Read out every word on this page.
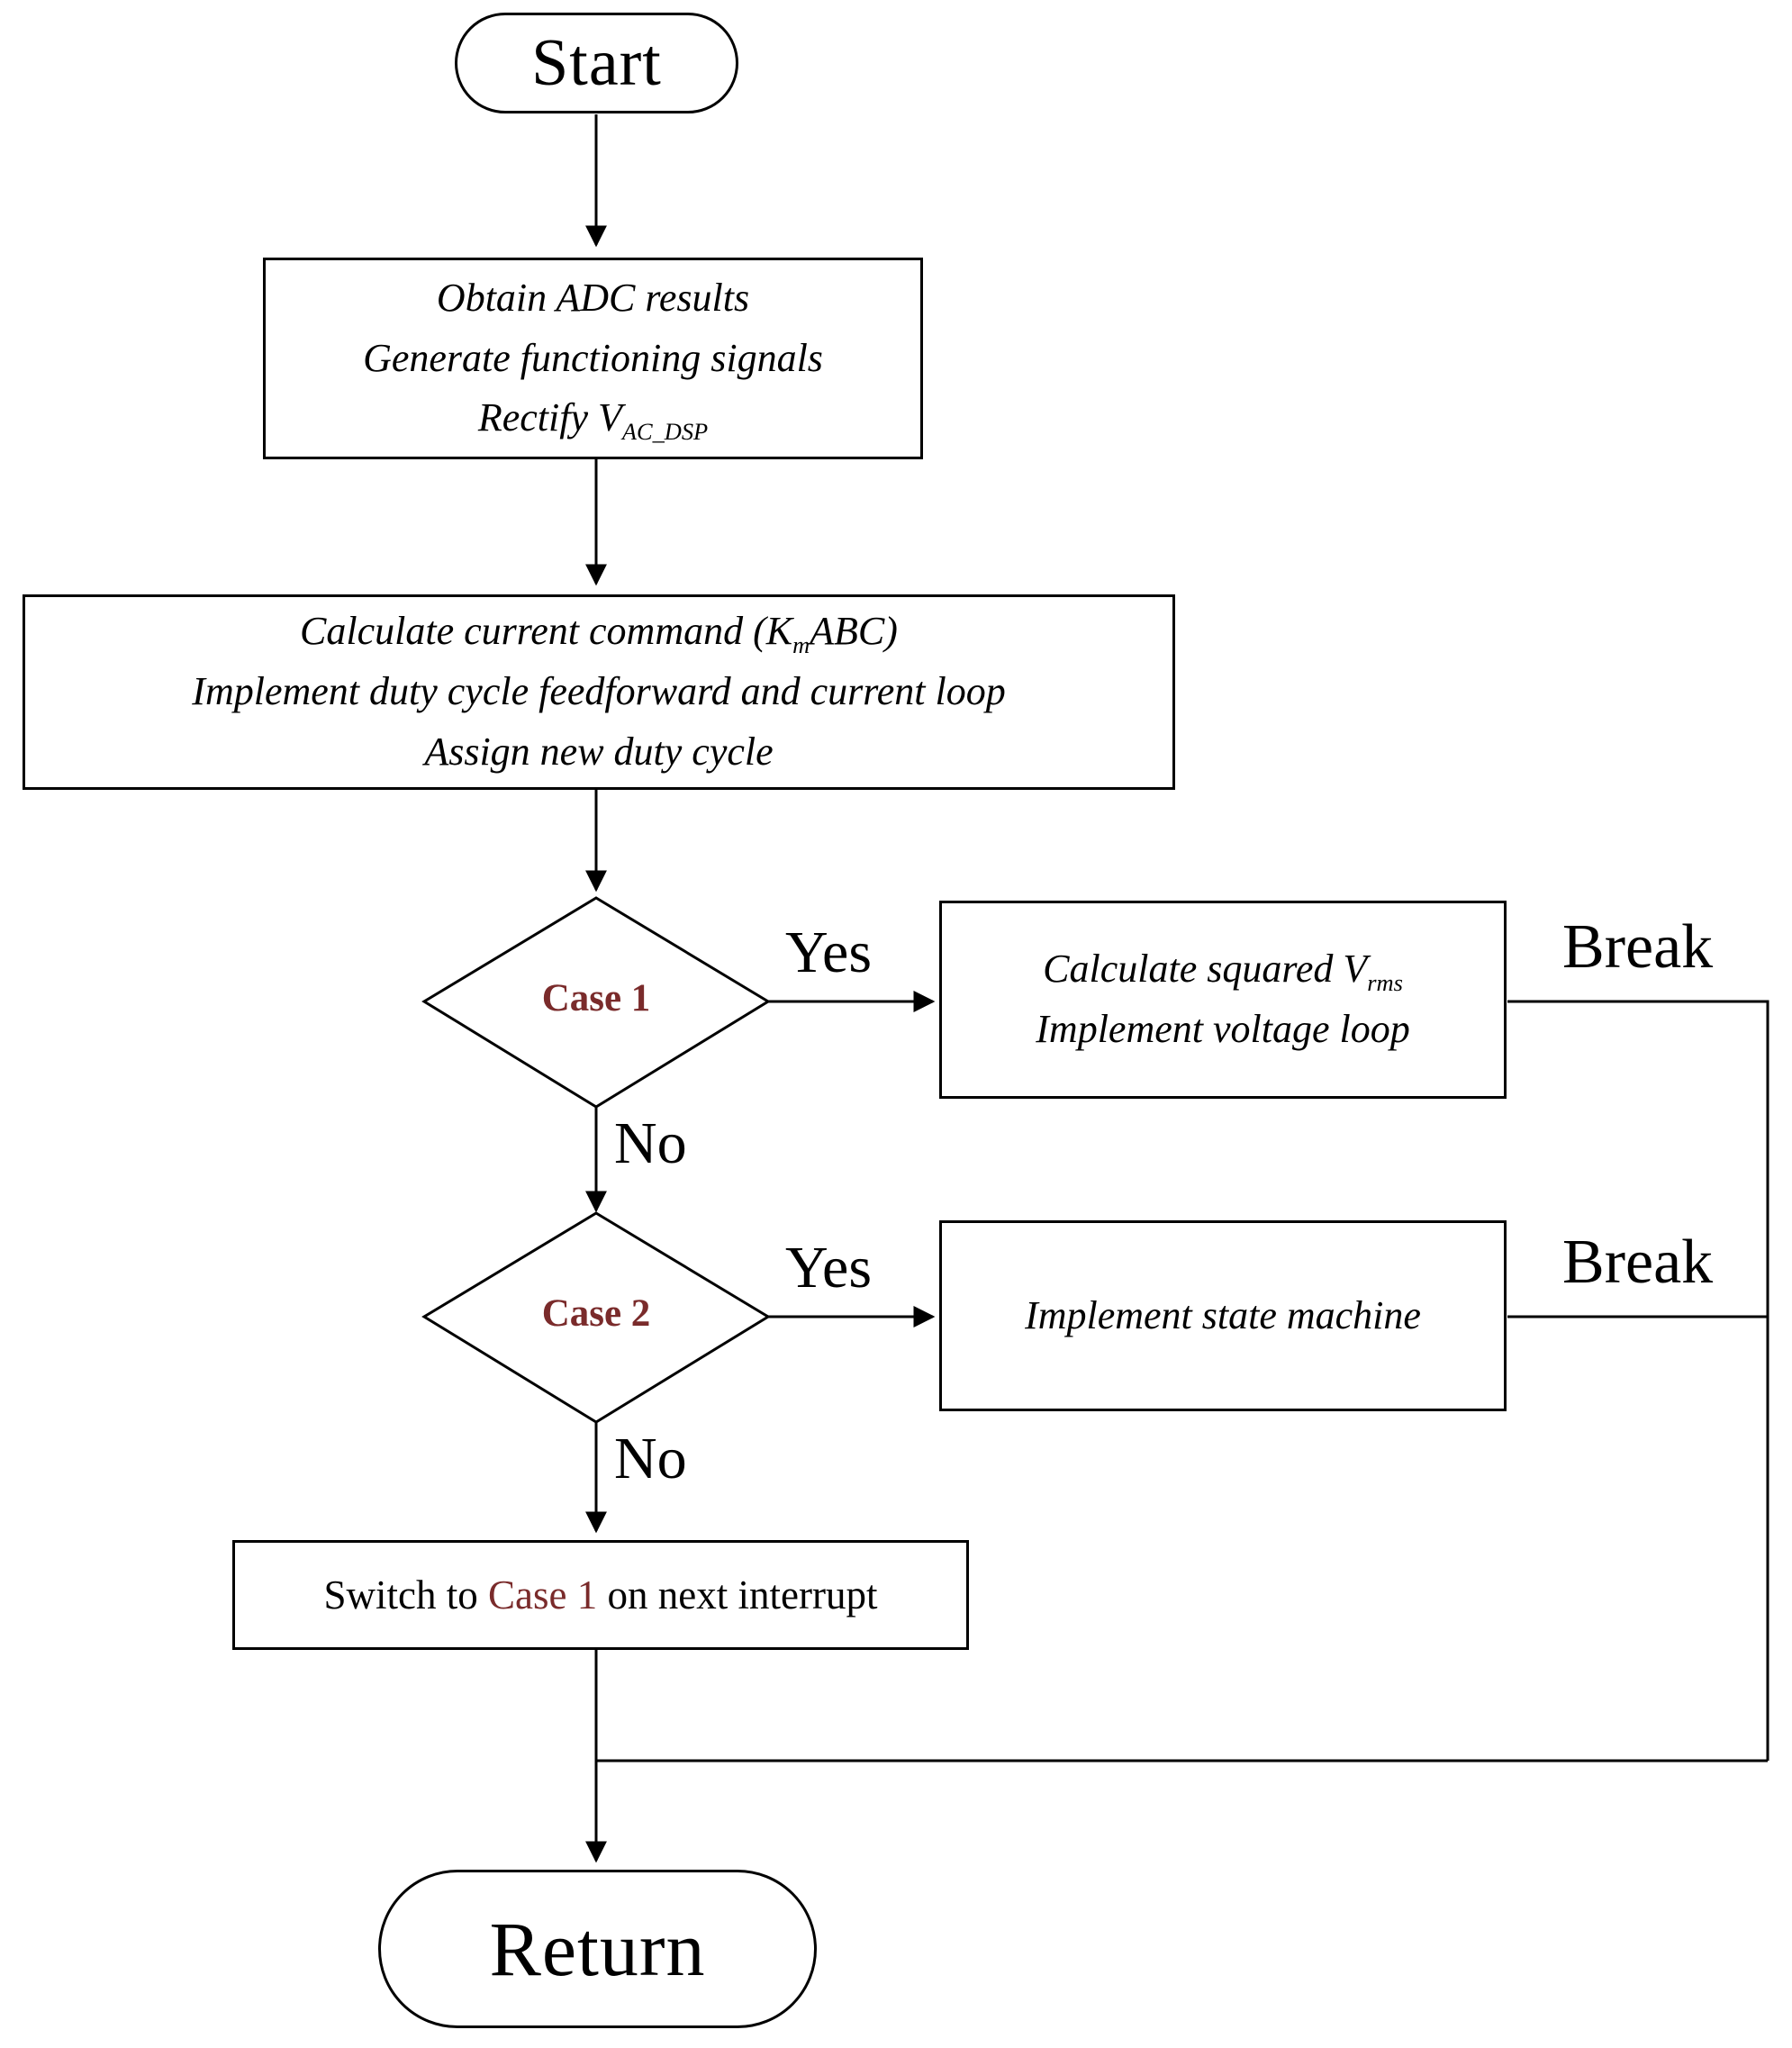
Start
Obtain ADC results
Generate functioning signals
Rectify $V_{AC\_DSP}$
Calculate current command $(K_mABC)$
Implement duty cycle feedforward and current loop
Assign new duty cycle
Case 1
Calculate squared $V_{rms}$
Implement voltage loop
Case 2	Implement state machine
Switch to Case 1 on next interrupt
Return
Yes
No
Break
Yes
No
Break
